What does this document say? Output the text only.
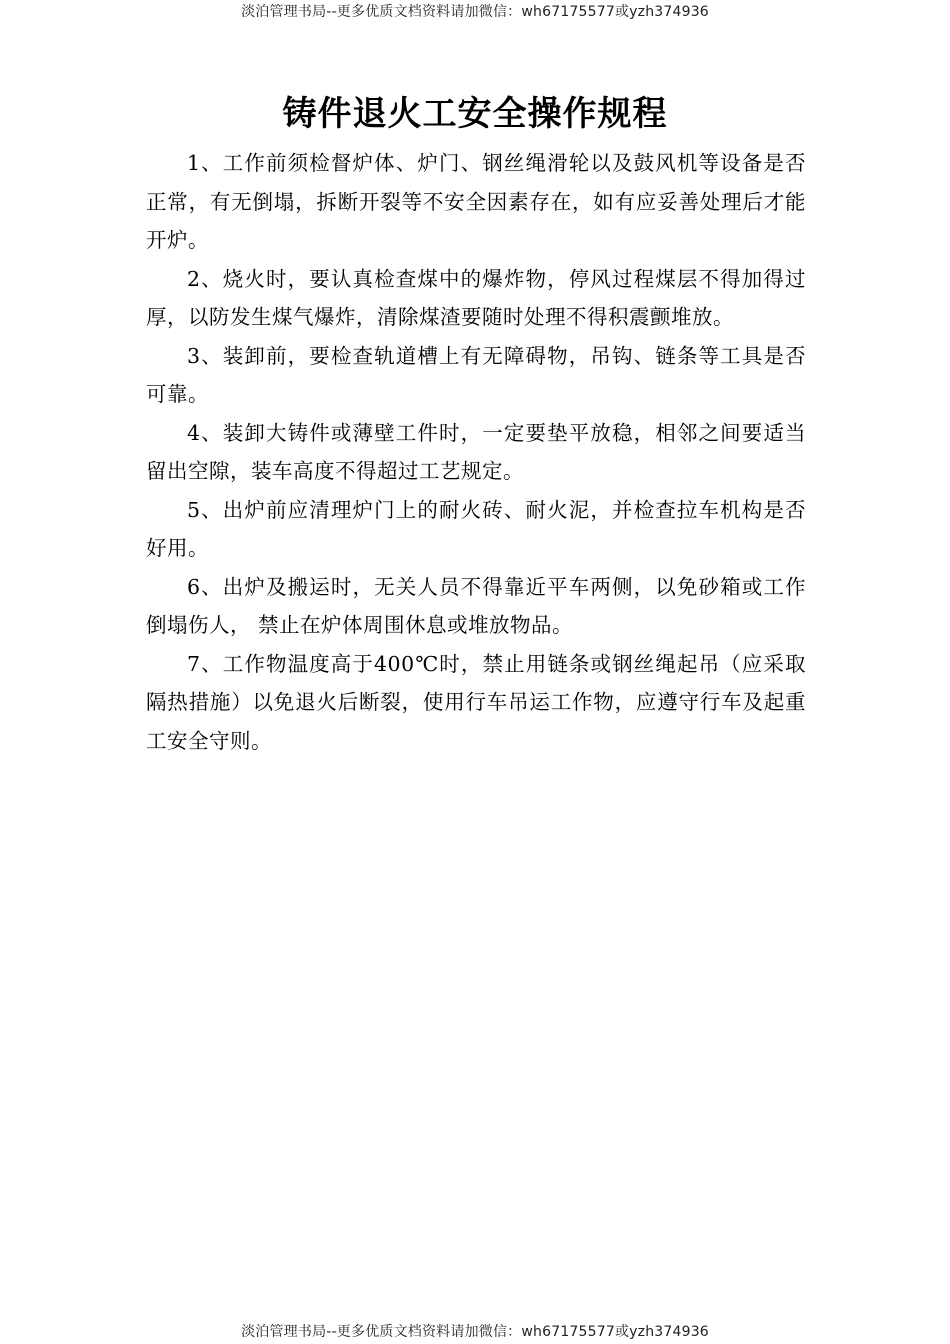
淡泊管理书局--更多优质文档资料请加微信：wh67175577或yzh374936
铸件退火工安全操作规程

1、工作前须检督炉体、炉门、钢丝绳滑轮以及鼓风机等设备是否正常，有无倒塌，拆断开裂等不安全因素存在，如有应妥善处理后才能开炉。

2、烧火时，要认真检查煤中的爆炸物，停风过程煤层不得加得过厚，以防发生煤气爆炸，清除煤渣要随时处理不得积震颤堆放。

3、装卸前，要检查轨道槽上有无障碍物，吊钩、链条等工具是否可靠。

4、装卸大铸件或薄壁工件时，一定要垫平放稳，相邻之间要适当留出空隙，装车高度不得超过工艺规定。

5、出炉前应清理炉门上的耐火砖、耐火泥，并检查拉车机构是否好用。

6、出炉及搬运时，无关人员不得靠近平车两侧，以免砂箱或工作倒塌伤人， 禁止在炉体周围休息或堆放物品。

7、工作物温度高于400℃时，禁止用链条或钢丝绳起吊（应采取隔热措施）以免退火后断裂，使用行车吊运工作物，应遵守行车及起重工安全守则。

淡泊管理书局--更多优质文档资料请加微信：wh67175577或yzh374936
